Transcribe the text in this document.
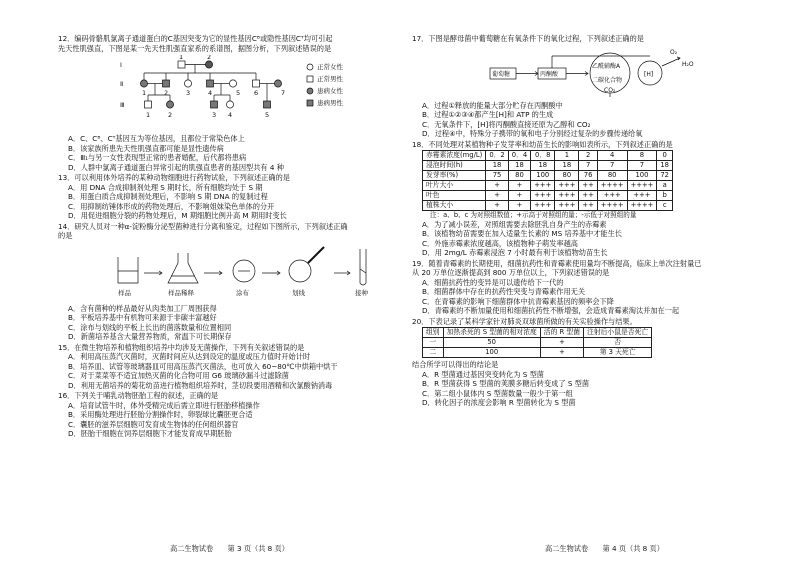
12．编码骨骼肌氯离子通道蛋白的C基因突变为它的显性基因Cᴮ或隐性基因Cᵀ均可引起
先天性肌强直，下图是某一先天性肌强直家系的系谱图，据图分析，下列叙述错误的是
Ⅰ
Ⅱ
Ⅲ
1	2
1	2	3	4	5 6	7
1	2	3 4	5
正常女性
正常男性
患病女性
患病男性
A．C、Cᴮ、Cᵀ基因互为等位基因，且都位于常染色体上
B．该家族所患先天性肌强直都可能是显性遗传病
C．Ⅲ₁与另一女性表现型正常的患者婚配，后代都将患病
D．人群中氯离子通道蛋白异常引起的肌强直患者的基因型共有 4 种
13．可以利用体外培养的某种动物细胞进行药物试验，下列叙述正确的是
A．用 DNA 合成抑制剂处理 S 期时长，所有细胞均处于 S 期
B．用蛋白质合成抑制剂处理后，不影响 S 期 DNA 的复制过程
C．用抑制纺锤体形成的药物处理后，不影响姐妹染色单体的分开
D．用促进细胞分裂的药物处理后，M 期细胞比例升高 M 期用时变长
14．研究人员对一种α-淀粉酶分泌型菌种进行分离和鉴定，过程如下图所示，下列叙述正确
的是
样品	样品稀释	涂布	划线	接种
A．含有菌种的样品最好从肉类加工厂周围获得
B．平板培养基中有机物可来源于非碳丰富越好
C．涂布与划线的平板上长出的菌落数量和位置相同
D．新菌培养基含大量营养物质，常温下可长期保存
15．在微生物培养和植物组织培养中均涉及无菌操作，下列有关叙述错误的是
A．利用高压蒸汽灭菌时，灭菌时间应从达到设定的温度或压力值时开始计时
B．培养皿、试管等玻璃器皿可用高压蒸汽灭菌法，也可放入 60~80℃中烘箱中烘干
C．对于菜菜等不适宜加热灭菌的化合物可用 G6 玻璃砂漏斗过滤除菌
D．利用无菌培养的菊花幼苗进行植物组织培养时，茎切段要用酒精和次氯酸钠消毒
16．下列关于哺乳动物胚胎工程的叙述，正确的是
A．培育试管牛时，体外受精完成后需立即进行胚胎移植操作
B．采用酶处理进行胚胎分割操作时，卵裂球比囊胚更合适
C．囊胚的滋养层细胞可发育成生物体的任何组织器官
D．胚胎干细胞在饲养层细胞下才能发育成早期胚胎
17．下图是酵母菌中葡萄糖在有氧条件下的氧化过程，下列叙述正确的是
葡萄糖	丙酮酸
乙酰辅酶A
二碳化合物
CO₂
O₂
H₂O
[H]
A．过程①释放的能量大部分贮存在丙酮酸中
B．过程①②③④都产生[H]和 ATP 的生成
C．无氧条件下，[H]将丙酮酸直接还原为乙醇和 CO₂
D．过程④中，特殊分子携带的氧和电子分别经过复杂的步骤传递给氧
18．不同处理对某植物种子发芽率和幼苗生长的影响如表所示，下列叙述正确的是
赤霉素浓度(mg/L)	0．2	0．4	0．8	1	2	4	8	0
浸泡时间(h)	18	18	18	18	7	7	7	18
发芽率(%)	75	80	100	80	76	80	100	72
叶片大小	+	+	+++	+++	++	++++	++++	a
叶色	+	+	+++	+++	++	+++	+++	b
植株大小	+	+	+++	+++	++	++++	++++	c
注：a、b、c 为对照组数值；+示高于对照组的量；-示低于对照组的量
A．为了减小误差，对照组需要去除胚乳自身产生的赤霉素
B．该植物幼苗需要在加入适量生长素的 MS 培养基中才能生长
C．外施赤霉素浓度越高，该植物种子萌发率越高
D．用 2mg/L 赤霉素浸泡 7 小时最有利于该植物幼苗生长
19．随着青霉素的长期使用，细菌抗药性和青霉素使用量均不断提高，临床上单次注射量已
从 20 万单位逐渐提高到 800 万单位以上，下列叙述错误的是
A．细菌抗药性的变异是可以遗传给下一代的
B．细菌群体中存在的抗药性突变与青霉素作用无关
C．在青霉素的影响下细菌群体中抗青霉素基因的频率会下降
D．青霉素的不断加量使用和细菌抗药性不断增强，会造成青霉素淘汰并加在一起
20．下表记录了某科学家针对肺炎双球菌所做的有关实验操作与结果。
组别	加热杀死的 S 型菌的相对浓度	活的 R 型菌	注射后小鼠是否死亡
一	50	+	否
二	100	+	第 3 天死亡
结合所学可以得出的结论是
A．R 型菌通过基因突变转化为 S 型菌
B．R 型菌获得 S 型菌的荚膜多糖后转变成了 S 型菌
C．第二组小鼠体内 S 型菌数量一般少于第一组
D．转化因子的浓度会影响 R 型菌转化为 S 型菌
高二生物试卷　　第 3 页（共 8 页）	高二生物试卷　　第 4 页（共 8 页）
